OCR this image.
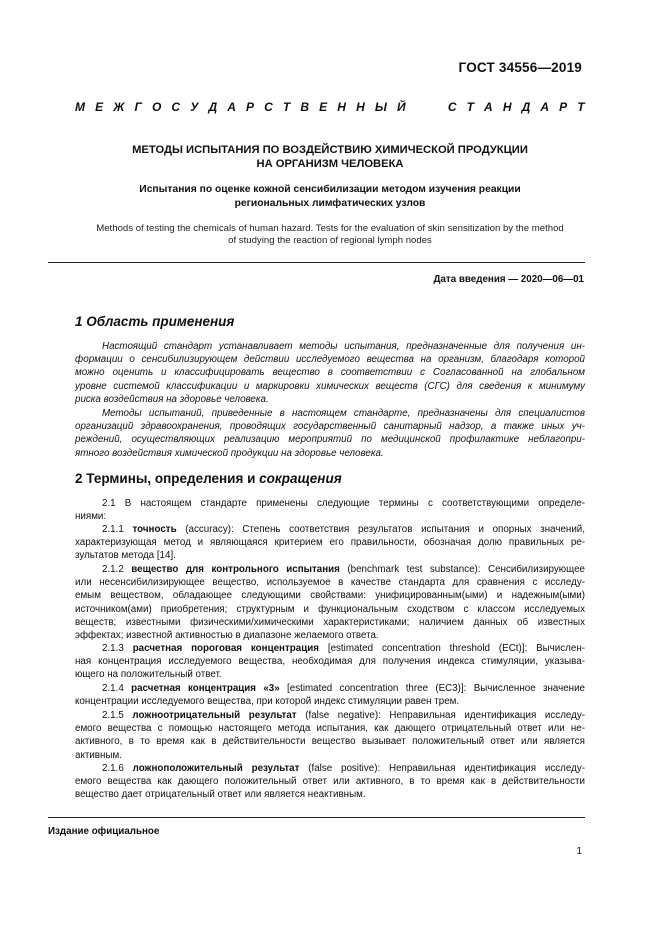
ГОСТ 34556—2019
М Е Ж Г О С У Д А Р С Т В Е Н Н Ы Й	С Т А Н Д А Р Т
МЕТОДЫ ИСПЫТАНИЯ ПО ВОЗДЕЙСТВИЮ ХИМИЧЕСКОЙ ПРОДУКЦИИ
НА ОРГАНИЗМ ЧЕЛОВЕКА
Испытания по оценке кожной сенсибилизации методом изучения реакции
региональных лимфатических узлов
Methods of testing the chemicals of human hazard. Tests for the evaluation of skin sensitization by the method
of studying the reaction of regional lymph nodes
Дата введения — 2020—06—01
1 Область применения
Настоящий стандарт устанавливает методы испытания, предназначенные для получения ин-
формации о сенсибилизирующем действии исследуемого вещества на организм, благодаря которой
можно оценить и классифицировать вещество в соответствии с Согласованной на глобальном
уровне системой классификации и маркировки химических веществ (СГС) для сведения к минимуму
риска воздействия на здоровье человека.
Методы испытаний, приведенные в настоящем стандарте, предназначены для специалистов
организаций здравоохранения, проводящих государственный санитарный надзор, а также иных уч-
реждений, осуществляющих реализацию мероприятий по медицинской профилактике неблагопри-
ятного воздействия химической продукции на здоровье человека.
2 Термины, определения и сокращения
2.1 В настоящем стандарте применены следующие термины с соответствующими определе-
ниями:
2.1.1 точность (accuracy): Степень соответствия результатов испытания и опорных значений,
характеризующая метод и являющаяся критерием его правильности, обозначая долю правильных ре-
зультатов метода [14].
2.1.2 вещество для контрольного испытания (benchmark test substance): Сенсибилизирующее
или несенсибилизирующее вещество, используемое в качестве стандарта для сравнения с исследу-
емым веществом, обладающее следующими свойствами: унифицированным(ыми) и надежным(ыми)
источником(ами) приобретения; структурным и функциональным сходством с классом исследуемых
веществ; известными физическими/химическими характеристиками; наличием данных об известных
эффектах; известной активностью в диапазоне желаемого ответа.
2.1.3 расчетная пороговая концентрация [estimated concentration threshold (ECt)]: Вычислен-
ная концентрация исследуемого вещества, необходимая для получения индекса стимуляции, указыва-
ющего на положительный ответ.
2.1.4 расчетная концентрация «3» [estimated concentration three (EC3)]: Вычисленное значение
концентрации исследуемого вещества, при которой индекс стимуляции равен трем.
2.1.5 ложноотрицательный результат (false negative): Неправильная идентификация исследу-
емого вещества с помощью настоящего метода испытания, как дающего отрицательный ответ или не-
активного, в то время как в действительности вещество вызывает положительный ответ или является
активным.
2.1.6 ложноположительный результат (false positive): Неправильная идентификация исследу-
емого вещества как дающего положительный ответ или активного, в то время как в действительности
вещество дает отрицательный ответ или является неактивным.
Издание официальное
1
